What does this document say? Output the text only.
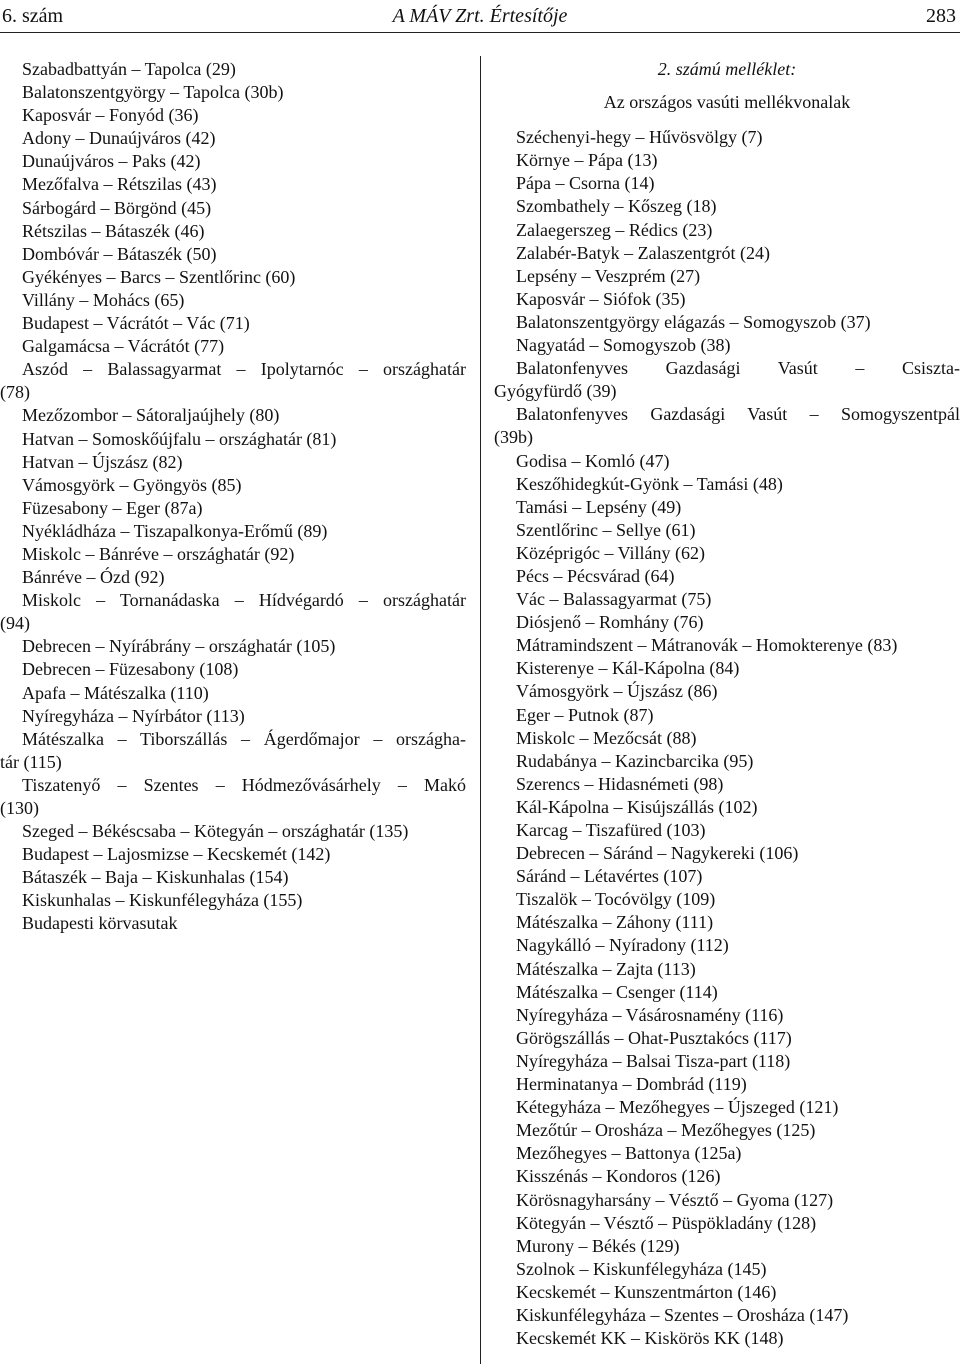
6. szám	A MÁV Zrt. Értesítője	283
Szabadbattyán – Tapolca (29)
Balatonszentgyörgy – Tapolca (30b)
Kaposvár – Fonyód (36)
Adony – Dunaújváros (42)
Dunaújváros – Paks (42)
Mezőfalva – Rétszilas (43)
Sárbogárd – Börgönd (45)
Rétszilas – Bátaszék (46)
Dombóvár – Bátaszék (50)
Gyékényes – Barcs – Szentlőrinc (60)
Villány – Mohács (65)
Budapest – Vácrátót – Vác (71)
Galgamácsa – Vácrátót (77)
Aszód – Balassagyarmat – Ipolytarnóc – országhatár
(78)
Mezőzombor – Sátoraljaújhely (80)
Hatvan – Somoskőújfalu – országhatár (81)
Hatvan – Újszász (82)
Vámosgyörk – Gyöngyös (85)
Füzesabony – Eger (87a)
Nyékládháza – Tiszapalkonya-Erőmű (89)
Miskolc – Bánréve – országhatár (92)
Bánréve – Ózd (92)
Miskolc – Tornanádaska – Hídvégardó – országhatár
(94)
Debrecen – Nyírábrány – országhatár (105)
Debrecen – Füzesabony (108)
Apafa – Mátészalka (110)
Nyíregyháza – Nyírbátor (113)
Mátészalka – Tiborszállás – Ágerdőmajor – országha-
tár (115)
Tiszatenyő – Szentes – Hódmezővásárhely – Makó
(130)
Szeged – Békéscsaba – Kötegyán – országhatár (135)
Budapest – Lajosmizse – Kecskemét (142)
Bátaszék – Baja – Kiskunhalas (154)
Kiskunhalas – Kiskunfélegyháza (155)
Budapesti körvasutak
2. számú melléklet:
Az országos vasúti mellékvonalak
Széchenyi-hegy – Hűvösvölgy (7)
Környe – Pápa (13)
Pápa – Csorna (14)
Szombathely – Kőszeg (18)
Zalaegerszeg – Rédics (23)
Zalabér-Batyk – Zalaszentgrót (24)
Lepsény – Veszprém (27)
Kaposvár – Siófok (35)
Balatonszentgyörgy elágazás – Somogyszob (37)
Nagyatád – Somogyszob (38)
Balatonfenyves Gazdasági Vasút – Csiszta-
Gyógyfürdő (39)
Balatonfenyves Gazdasági Vasút – Somogyszentpál
(39b)
Godisa – Komló (47)
Keszőhidegkút-Gyönk – Tamási (48)
Tamási – Lepsény (49)
Szentlőrinc – Sellye (61)
Középrigóc – Villány (62)
Pécs – Pécsvárad (64)
Vác – Balassagyarmat (75)
Diósjenő – Romhány (76)
Mátramindszent – Mátranovák – Homokterenye (83)
Kisterenye – Kál-Kápolna (84)
Vámosgyörk – Újszász (86)
Eger – Putnok (87)
Miskolc – Mezőcsát (88)
Rudabánya – Kazincbarcika (95)
Szerencs – Hidasnémeti (98)
Kál-Kápolna – Kisújszállás (102)
Karcag – Tiszafüred (103)
Debrecen – Sáránd – Nagykereki (106)
Sáránd – Létavértes (107)
Tiszalök – Tocóvölgy (109)
Mátészalka – Záhony (111)
Nagykálló – Nyíradony (112)
Mátészalka – Zajta (113)
Mátészalka – Csenger (114)
Nyíregyháza – Vásárosnamény (116)
Görögszállás – Ohat-Pusztakócs (117)
Nyíregyháza – Balsai Tisza-part (118)
Herminatanya – Dombrád (119)
Kétegyháza – Mezőhegyes – Újszeged (121)
Mezőtúr – Orosháza – Mezőhegyes (125)
Mezőhegyes – Battonya (125a)
Kisszénás – Kondoros (126)
Körösnagyharsány – Vésztő – Gyoma (127)
Kötegyán – Vésztő – Püspökladány (128)
Murony – Békés (129)
Szolnok – Kiskunfélegyháza (145)
Kecskemét – Kunszentmárton (146)
Kiskunfélegyháza – Szentes – Orosháza (147)
Kecskemét KK – Kiskörös KK (148)
